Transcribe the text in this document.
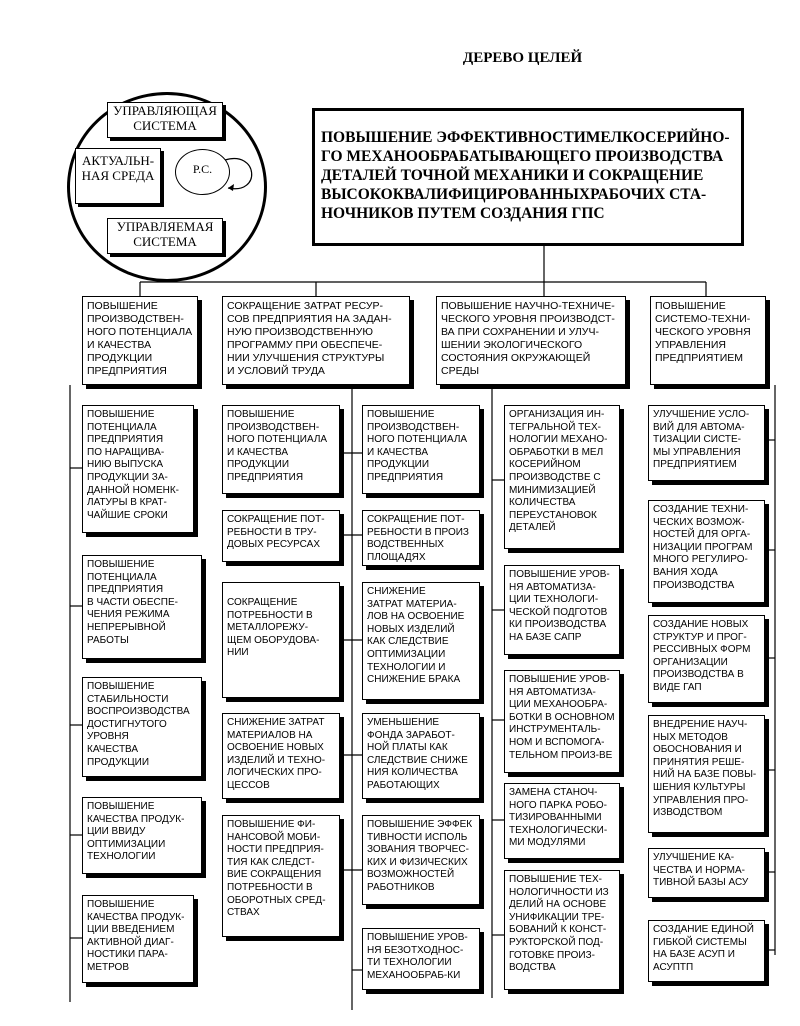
ДЕРЕВО ЦЕЛЕЙ
УПРАВЛЯЮЩАЯ
СИСТЕМА
АКТУАЛЬН-
НАЯ СРЕДА
УПРАВЛЯЕМАЯ
СИСТЕМА
Р.С.
ПОВЫШЕНИЕ ЭФФЕКТИВНОСТИМЕЛКОСЕРИЙНО-
ГО МЕХАНООБРАБАТЫВАЮЩЕГО ПРОИЗВОДСТВА
ДЕТАЛЕЙ ТОЧНОЙ МЕХАНИКИ И СОКРАЩЕНИЕ
ВЫСОКОКВАЛИФИЦИРОВАННЫХРАБОЧИХ СТА-
НОЧНИКОВ ПУТЕМ СОЗДАНИЯ ГПС
ПОВЫШЕНИЕ
ПРОИЗВОДСТВЕН-
НОГО ПОТЕНЦИАЛА
И КАЧЕСТВА
ПРОДУКЦИИ
ПРЕДПРИЯТИЯ
СОКРАЩЕНИЕ ЗАТРАТ РЕСУР-
СОВ ПРЕДПРИЯТИЯ НА ЗАДАН-
НУЮ ПРОИЗВОДСТВЕННУЮ
ПРОГРАММУ ПРИ ОБЕСПЕЧЕ-
НИИ УЛУЧШЕНИЯ СТРУКТУРЫ
И УСЛОВИЙ ТРУДА
ПОВЫШЕНИЕ НАУЧНО-ТЕХНИЧЕ-
ЧЕСКОГО УРОВНЯ ПРОИЗВОДСТ-
ВА ПРИ СОХРАНЕНИИ И УЛУЧ-
ШЕНИИ ЭКОЛОГИЧЕСКОГО
СОСТОЯНИЯ ОКРУЖАЮЩЕЙ
СРЕДЫ
ПОВЫШЕНИЕ
СИСТЕМО-ТЕХНИ-
ЧЕСКОГО УРОВНЯ
УПРАВЛЕНИЯ
ПРЕДПРИЯТИЕМ
ПОВЫШЕНИЕ
ПОТЕНЦИАЛА
ПРЕДПРИЯТИЯ
ПО НАРАЩИВА-
НИЮ ВЫПУСКА
ПРОДУКЦИИ ЗА-
ДАННОЙ НОМЕНК-
ЛАТУРЫ В КРАТ-
ЧАЙШИЕ СРОКИ
ПОВЫШЕНИЕ
ПОТЕНЦИАЛА
ПРЕДПРИЯТИЯ
В ЧАСТИ ОБЕСПЕ-
ЧЕНИЯ РЕЖИМА
НЕПРЕРЫВНОЙ
РАБОТЫ
ПОВЫШЕНИЕ
СТАБИЛЬНОСТИ
ВОСПРОИЗВОДСТВА
ДОСТИГНУТОГО
УРОВНЯ
КАЧЕСТВА
ПРОДУКЦИИ
ПОВЫШЕНИЕ
КАЧЕСТВА ПРОДУК-
ЦИИ ВВИДУ
ОПТИМИЗАЦИИ
ТЕХНОЛОГИИ
ПОВЫШЕНИЕ
КАЧЕСТВА ПРОДУК-
ЦИИ ВВЕДЕНИЕМ
АКТИВНОЙ ДИАГ-
НОСТИКИ ПАРА-
МЕТРОВ
ПОВЫШЕНИЕ
ПРОИЗВОДСТВЕН-
НОГО ПОТЕНЦИАЛА
И КАЧЕСТВА
ПРОДУКЦИИ
ПРЕДПРИЯТИЯ
СОКРАЩЕНИЕ ПОТ-
РЕБНОСТИ В ТРУ-
ДОВЫХ РЕСУРСАХ
СОКРАЩЕНИЕ
ПОТРЕБНОСТИ В
МЕТАЛЛОРЕЖУ-
ЩЕМ ОБОРУДОВА-
НИИ
СНИЖЕНИЕ ЗАТРАТ
МАТЕРИАЛОВ НА
ОСВОЕНИЕ НОВЫХ
ИЗДЕЛИЙ И ТЕХНО-
ЛОГИЧЕСКИХ ПРО-
ЦЕССОВ
ПОВЫШЕНИЕ ФИ-
НАНСОВОЙ МОБИ-
НОСТИ ПРЕДПРИЯ-
ТИЯ КАК СЛЕДСТ-
ВИЕ СОКРАЩЕНИЯ
ПОТРЕБНОСТИ В
ОБОРОТНЫХ СРЕД-
СТВАХ
ПОВЫШЕНИЕ
ПРОИЗВОДСТВЕН-
НОГО ПОТЕНЦИАЛА
И КАЧЕСТВА
ПРОДУКЦИИ
ПРЕДПРИЯТИЯ
СОКРАЩЕНИЕ ПОТ-
РЕБНОСТИ В ПРОИЗ
ВОДСТВЕННЫХ
ПЛОЩАДЯХ
СНИЖЕНИЕ
ЗАТРАТ МАТЕРИА-
ЛОВ НА ОСВОЕНИЕ
НОВЫХ ИЗДЕЛИЙ
КАК СЛЕДСТВИЕ
ОПТИМИЗАЦИИ
ТЕХНОЛОГИИ И
СНИЖЕНИЕ БРАКА
УМЕНЬШЕНИЕ
ФОНДА ЗАРАБОТ-
НОЙ ПЛАТЫ КАК
СЛЕДСТВИЕ СНИЖЕ
НИЯ КОЛИЧЕСТВА
РАБОТАЮЩИХ
ПОВЫШЕНИЕ ЭФФЕК
ТИВНОСТИ ИСПОЛЬ
ЗОВАНИЯ ТВОРЧЕС-
КИХ И ФИЗИЧЕСКИХ
ВОЗМОЖНОСТЕЙ
РАБОТНИКОВ
ПОВЫШЕНИЕ УРОВ-
НЯ БЕЗОТХОДНОС-
ТИ ТЕХНОЛОГИИ
МЕХАНООБРАБ-КИ
ОРГАНИЗАЦИЯ ИН-
ТЕГРАЛЬНОЙ ТЕХ-
НОЛОГИИ МЕХАНО-
ОБРАБОТКИ В МЕЛ
КОСЕРИЙНОМ
ПРОИЗВОДСТВЕ С
МИНИМИЗАЦИЕЙ
КОЛИЧЕСТВА
ПЕРЕУСТАНОВОК
ДЕТАЛЕЙ
ПОВЫШЕНИЕ УРОВ-
НЯ АВТОМАТИЗА-
ЦИИ ТЕХНОЛОГИ-
ЧЕСКОЙ ПОДГОТОВ
КИ ПРОИЗВОДСТВА
НА БАЗЕ САПР
ПОВЫШЕНИЕ УРОВ-
НЯ АВТОМАТИЗА-
ЦИИ МЕХАНООБРА-
БОТКИ В ОСНОВНОМ
ИНСТРУМЕНТАЛЬ-
НОМ И ВСПОМОГА-
ТЕЛЬНОМ ПРОИЗ-ВЕ
ЗАМЕНА СТАНОЧ-
НОГО ПАРКА РОБО-
ТИЗИРОВАННЫМИ
ТЕХНОЛОГИЧЕСКИ-
МИ МОДУЛЯМИ
ПОВЫШЕНИЕ ТЕХ-
НОЛОГИЧНОСТИ ИЗ
ДЕЛИЙ НА ОСНОВЕ
УНИФИКАЦИИ ТРЕ-
БОВАНИЙ К КОНСТ-
РУКТОРСКОЙ ПОД-
ГОТОВКЕ ПРОИЗ-
ВОДСТВА
УЛУЧШЕНИЕ УСЛО-
ВИЙ ДЛЯ АВТОМА-
ТИЗАЦИИ СИСТЕ-
МЫ УПРАВЛЕНИЯ
ПРЕДПРИЯТИЕМ
СОЗДАНИЕ ТЕХНИ-
ЧЕСКИХ ВОЗМОЖ-
НОСТЕЙ ДЛЯ ОРГА-
НИЗАЦИИ ПРОГРАМ
МНОГО РЕГУЛИРО-
ВАНИЯ ХОДА
ПРОИЗВОДСТВА
СОЗДАНИЕ НОВЫХ
СТРУКТУР И ПРОГ-
РЕССИВНЫХ ФОРМ
ОРГАНИЗАЦИИ
ПРОИЗВОДСТВА В
ВИДЕ ГАП
ВНЕДРЕНИЕ НАУЧ-
НЫХ МЕТОДОВ
ОБОСНОВАНИЯ И
ПРИНЯТИЯ РЕШЕ-
НИЙ НА БАЗЕ ПОВЫ-
ШЕНИЯ КУЛЬТУРЫ
УПРАВЛЕНИЯ ПРО-
ИЗВОДСТВОМ
УЛУЧШЕНИЕ КА-
ЧЕСТВА И НОРМА-
ТИВНОЙ БАЗЫ АСУ
СОЗДАНИЕ ЕДИНОЙ
ГИБКОЙ СИСТЕМЫ
НА БАЗЕ АСУП И
АСУПТП
